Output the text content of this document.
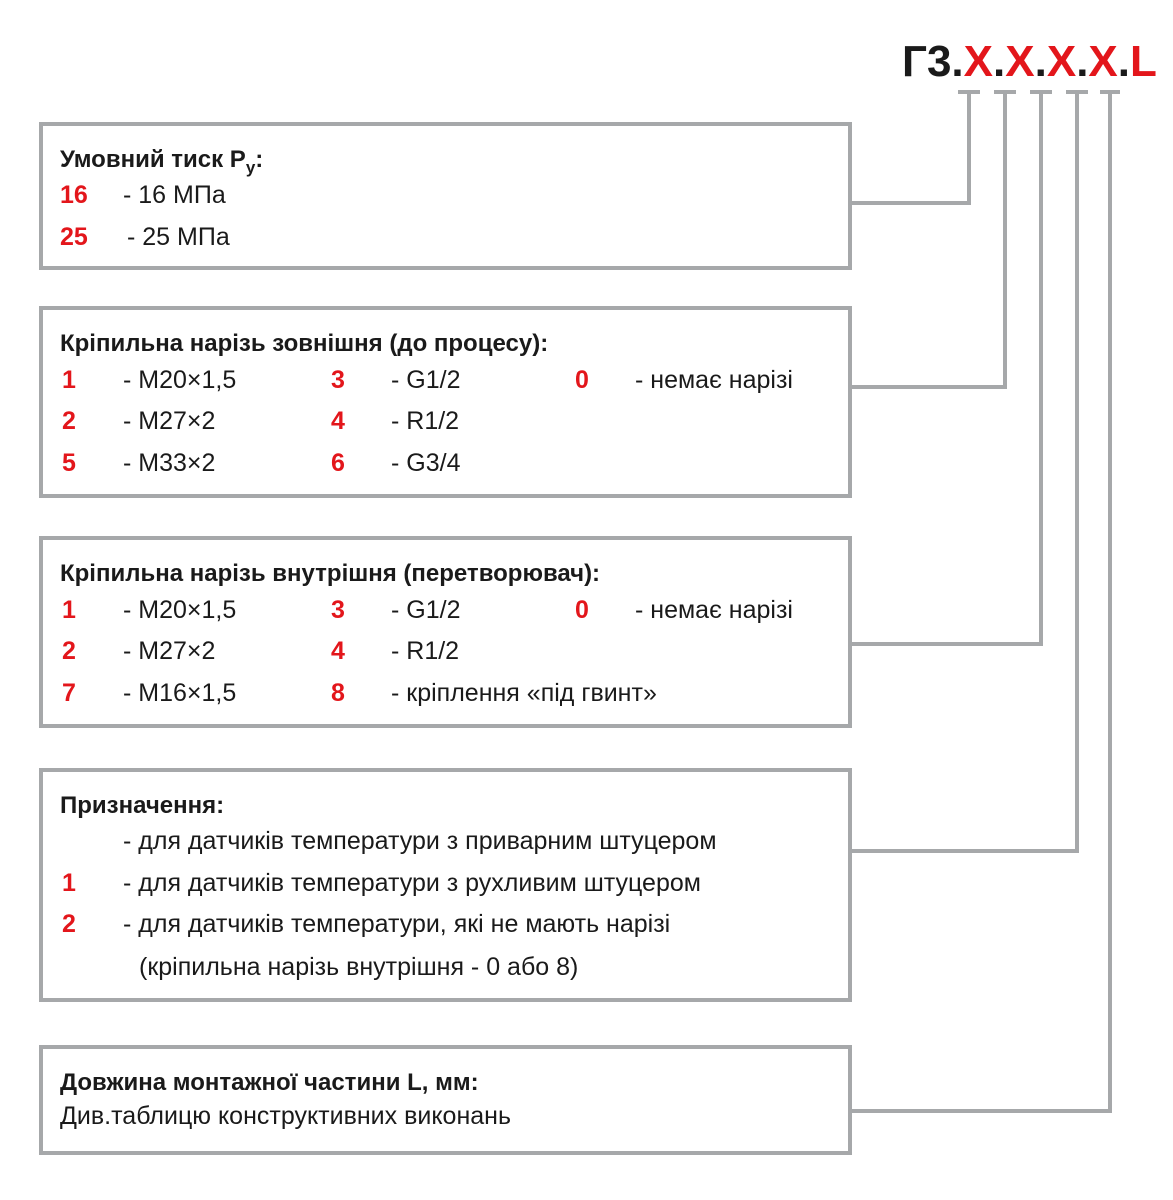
Г3.X.X.X.X.L
Умовний тиск $P_у$:
16 - 16 МПа
25 - 25 МПа
Кріпильна нарізь зовнішня (до процесу):
1 - М20×1,5
2 - М27×2
5 - М33×2
3 - G1/2
4 - R1/2
6 - G3/4
0 - немає нарізі
Кріпильна нарізь внутрішня (перетворювач):
1 - М20×1,5
2 - М27×2
7 - М16×1,5
3 - G1/2
4 - R1/2
8 - кріплення «під гвинт»
0 - немає нарізі
Призначення:
- для датчиків температури з приварним штуцером
1 - для датчиків температури з рухливим штуцером
2 - для датчиків температури, які не мають нарізі
(кріпильна нарізь внутрішня - 0 або 8)
Довжина монтажної частини L, мм:
Див.таблицю конструктивних виконань
